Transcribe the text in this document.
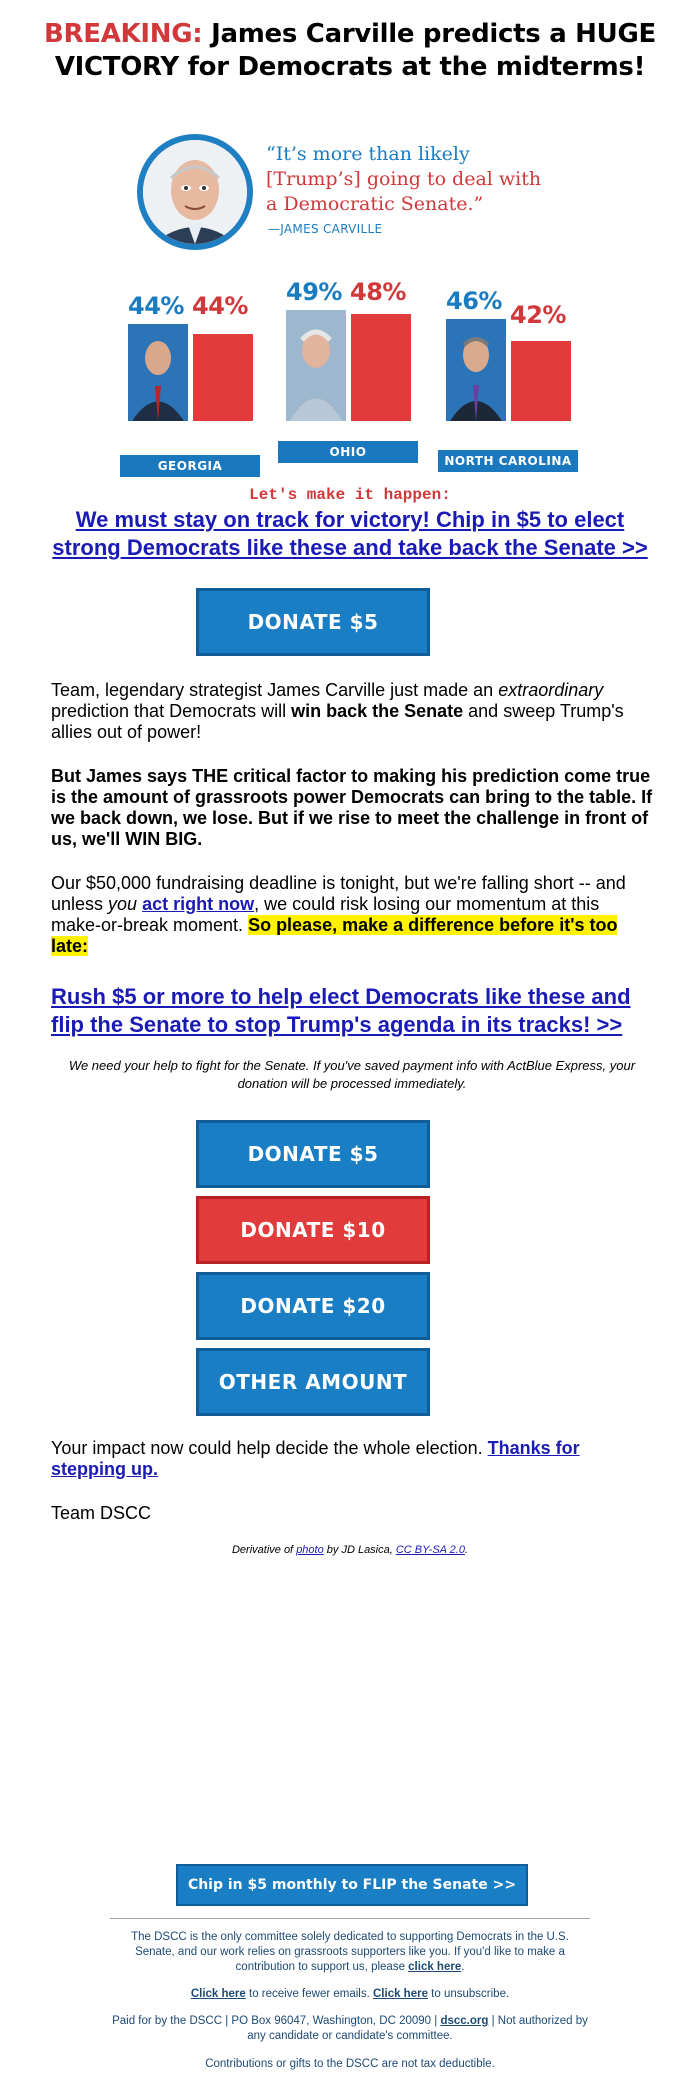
BREAKING: James Carville predicts a HUGE VICTORY for Democrats at the midterms!
“It’s more than likely
[Trump’s] going to deal with
a Democratic Senate.”
—JAMES CARVILLE
44% 44%
GEORGIA
49% 48%
OHIO
46% 42%
NORTH CAROLINA
Let's make it happen:
We must stay on track for victory! Chip in $5 to elect strong Democrats like these and take back the Senate >>
DONATE $5
Team, legendary strategist James Carville just made an extraordinary prediction that Democrats will win back the Senate and sweep Trump's allies out of power!
But James says THE critical factor to making his prediction come true is the amount of grassroots power Democrats can bring to the table. If we back down, we lose. But if we rise to meet the challenge in front of us, we'll WIN BIG.
Our $50,000 fundraising deadline is tonight, but we're falling short -- and unless you act right now, we could risk losing our momentum at this make-or-break moment. So please, make a difference before it's too late:
Rush $5 or more to help elect Democrats like these and flip the Senate to stop Trump's agenda in its tracks! >>
We need your help to fight for the Senate. If you've saved payment info with ActBlue Express, your donation will be processed immediately.
DONATE $5
DONATE $10
DONATE $20
OTHER AMOUNT
Your impact now could help decide the whole election. Thanks for stepping up.
Team DSCC
Derivative of photo by JD Lasica, CC BY-SA 2.0.
Chip in $5 monthly to FLIP the Senate >>
The DSCC is the only committee solely dedicated to supporting Democrats in the U.S. Senate, and our work relies on grassroots supporters like you. If you'd like to make a contribution to support us, please click here.
Click here to receive fewer emails. Click here to unsubscribe.
Paid for by the DSCC | PO Box 96047, Washington, DC 20090 | dscc.org | Not authorized by any candidate or candidate's committee.
Contributions or gifts to the DSCC are not tax deductible.
